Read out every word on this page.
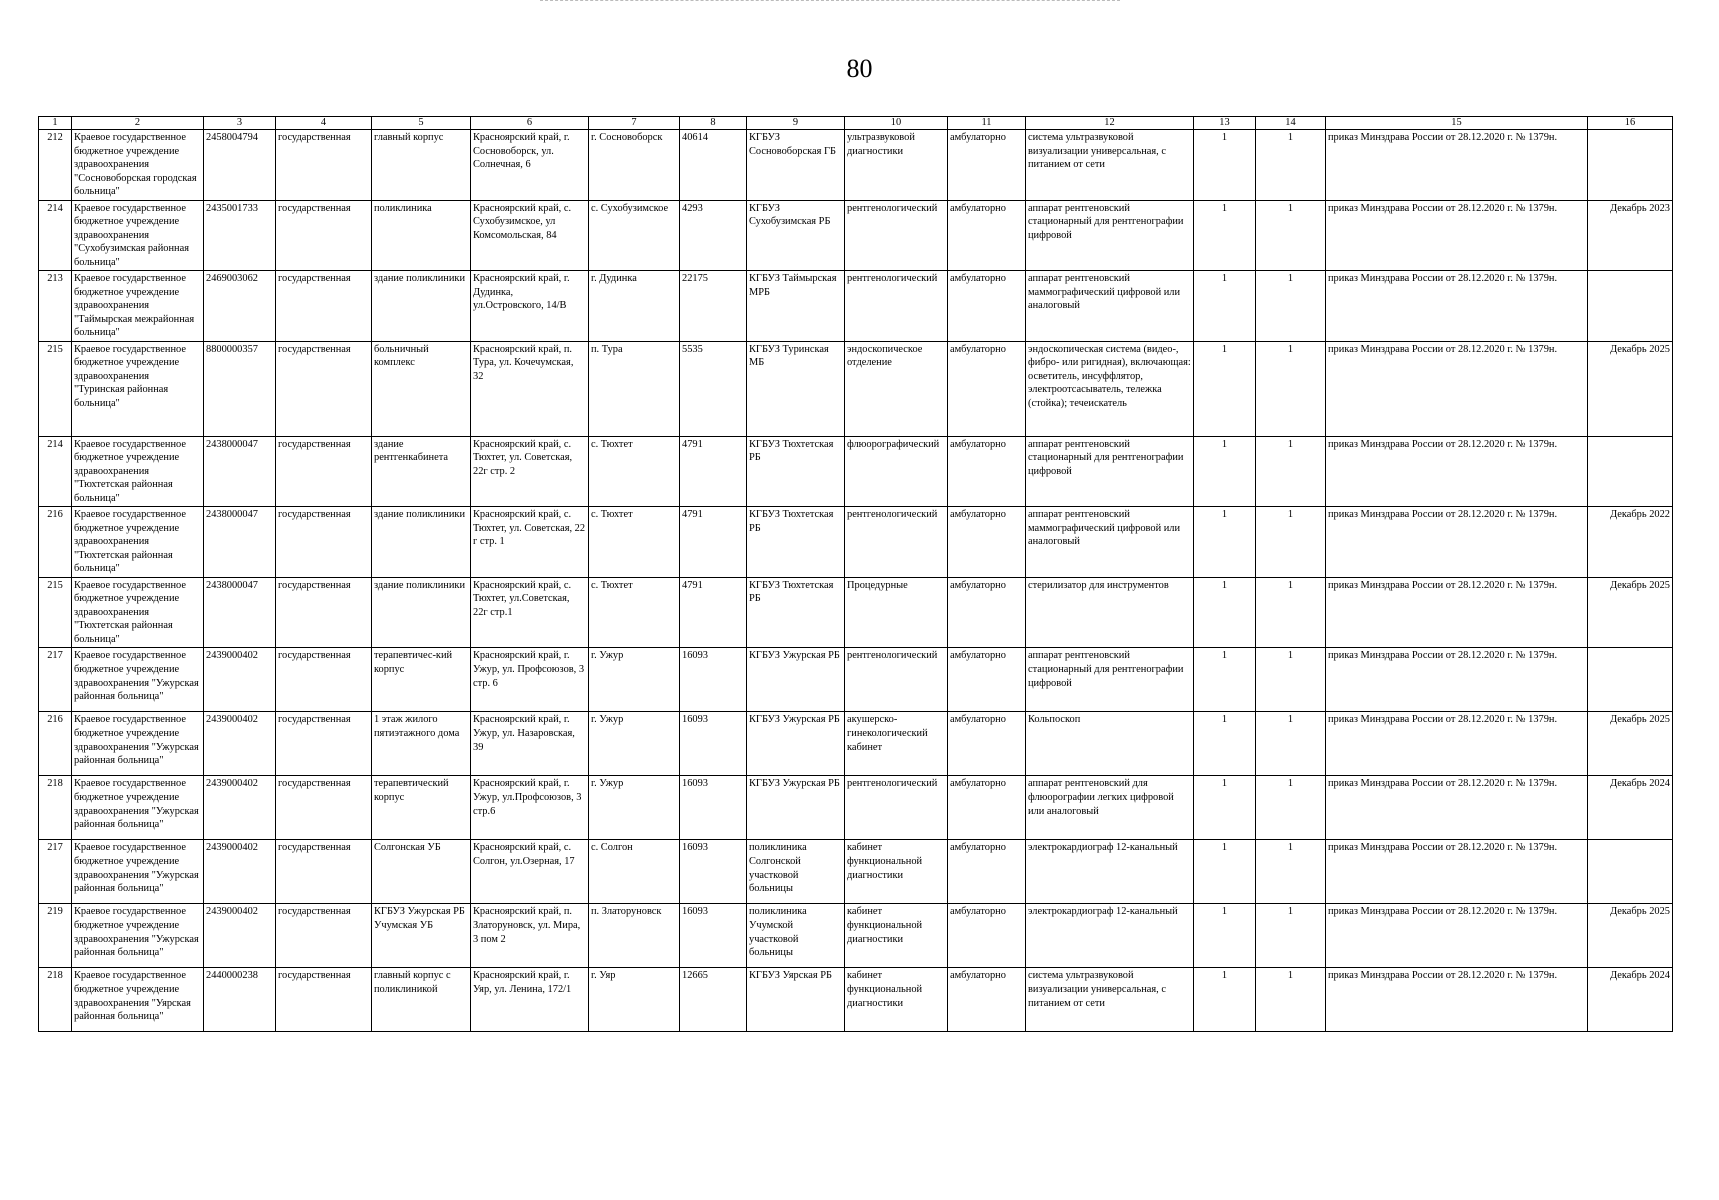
80
1	2	3	4	5	6	7	8	9	10	11	12	13	14	15	16
212	Краевое государственное бюджетное учреждение здравоохранения "Сосновоборская городская больница"	2458004794	государственная	главный корпус	Красноярский край, г. Сосновоборск, ул. Солнечная, 6	г. Сосновоборск	40614	КГБУЗ Сосновоборская ГБ	ультразвуковой диагностики	амбулаторно	система ультразвуковой визуализации универсальная, с питанием от сети	1	1	приказ Минздрава России от 28.12.2020 г. № 1379н.	
214	Краевое государственное бюджетное учреждение здравоохранения "Сухобузимская районная больница"	2435001733	государственная	поликлиника	Красноярский край, с. Сухобузимское, ул Комсомольская, 84	с. Сухобузимское	4293	КГБУЗ Сухобузимская РБ	рентгенологический	амбулаторно	аппарат рентгеновский стационарный для рентгенографии цифровой	1	1	приказ Минздрава России от 28.12.2020 г. № 1379н.	Декабрь 2023
213	Краевое государственное бюджетное учреждение здравоохранения "Таймырская межрайонная больница"	2469003062	государственная	здание поликлиники	Красноярский край, г. Дудинка, ул.Островского, 14/В	г. Дудинка	22175	КГБУЗ Таймырская МРБ	рентгенологический	амбулаторно	аппарат рентгеновский маммографический цифровой или аналоговый	1	1	приказ Минздрава России от 28.12.2020 г. № 1379н.	
215	Краевое государственное бюджетное учреждение здравоохранения "Туринская районная больница"	8800000357	государственная	больничный комплекс	Красноярский край, п. Тура, ул. Кочечумская, 32	п. Тура	5535	КГБУЗ Туринская МБ	эндоскопическое отделение	амбулаторно	эндоскопическая система (видео-, фибро- или ригидная), включающая: осветитель, инсуффлятор, электроотсасыватель, тележка (стойка); течеискатель	1	1	приказ Минздрава России от 28.12.2020 г. № 1379н.	Декабрь 2025
214	Краевое государственное бюджетное учреждение здравоохранения "Тюхтетская районная больница"	2438000047	государственная	здание рентгенкабинета	Красноярский край, с. Тюхтет, ул. Советская, 22г стр. 2	с. Тюхтет	4791	КГБУЗ Тюхтетская РБ	флюорографический	амбулаторно	аппарат рентгеновский стационарный для рентгенографии цифровой	1	1	приказ Минздрава России от 28.12.2020 г. № 1379н.	
216	Краевое государственное бюджетное учреждение здравоохранения "Тюхтетская районная больница"	2438000047	государственная	здание поликлиники	Красноярский край, с. Тюхтет, ул. Советская, 22 г стр. 1	с. Тюхтет	4791	КГБУЗ Тюхтетская РБ	рентгенологический	амбулаторно	аппарат рентгеновский маммографический цифровой или аналоговый	1	1	приказ Минздрава России от 28.12.2020 г. № 1379н.	Декабрь 2022
215	Краевое государственное бюджетное учреждение здравоохранения "Тюхтетская районная больница"	2438000047	государственная	здание поликлиники	Красноярский край, с. Тюхтет, ул.Советская, 22г стр.1	с. Тюхтет	4791	КГБУЗ Тюхтетская РБ	Процедурные	амбулаторно	стерилизатор для инструментов	1	1	приказ Минздрава России от 28.12.2020 г. № 1379н.	Декабрь 2025
217	Краевое государственное бюджетное учреждение здравоохранения "Ужурская районная больница"	2439000402	государственная	терапевтичес-кий корпус	Красноярский край, г. Ужур, ул. Профсоюзов, 3 стр. 6	г. Ужур	16093	КГБУЗ Ужурская РБ	рентгенологический	амбулаторно	аппарат рентгеновский стационарный для рентгенографии цифровой	1	1	приказ Минздрава России от 28.12.2020 г. № 1379н.	
216	Краевое государственное бюджетное учреждение здравоохранения "Ужурская районная больница"	2439000402	государственная	1 этаж жилого пятиэтажного дома	Красноярский край, г. Ужур, ул. Назаровская, 39	г. Ужур	16093	КГБУЗ Ужурская РБ	акушерско-гинекологический кабинет	амбулаторно	Кольпоскоп	1	1	приказ Минздрава России от 28.12.2020 г. № 1379н.	Декабрь 2025
218	Краевое государственное бюджетное учреждение здравоохранения "Ужурская районная больница"	2439000402	государственная	терапевтический корпус	Красноярский край, г. Ужур, ул.Профсоюзов, 3 стр.6	г. Ужур	16093	КГБУЗ Ужурская РБ	рентгенологический	амбулаторно	аппарат рентгеновский для флюорографии легких цифровой или аналоговый	1	1	приказ Минздрава России от 28.12.2020 г. № 1379н.	Декабрь 2024
217	Краевое государственное бюджетное учреждение здравоохранения "Ужурская районная больница"	2439000402	государственная	Солгонская УБ	Красноярский край, с. Солгон, ул.Озерная, 17	с. Солгон	16093	поликлиника Солгонской участковой больницы	кабинет функциональной диагностики	амбулаторно	электрокардиограф 12-канальный	1	1	приказ Минздрава России от 28.12.2020 г. № 1379н.	
219	Краевое государственное бюджетное учреждение здравоохранения "Ужурская районная больница"	2439000402	государственная	КГБУЗ Ужурская РБ Учумская УБ	Красноярский край, п. Златоруновск, ул. Мира, 3 пом 2	п. Златоруновск	16093	поликлиника Учумской участковой больницы	кабинет функциональной диагностики	амбулаторно	электрокардиограф 12-канальный	1	1	приказ Минздрава России от 28.12.2020 г. № 1379н.	Декабрь 2025
218	Краевое государственное бюджетное учреждение здравоохранения "Уярская районная больница"	2440000238	государственная	главный корпус с поликлиникой	Красноярский край, г. Уяр, ул. Ленина, 172/1	г. Уяр	12665	КГБУЗ Уярская РБ	кабинет функциональной диагностики	амбулаторно	система ультразвуковой визуализации универсальная, с питанием от сети	1	1	приказ Минздрава России от 28.12.2020 г. № 1379н.	Декабрь 2024
